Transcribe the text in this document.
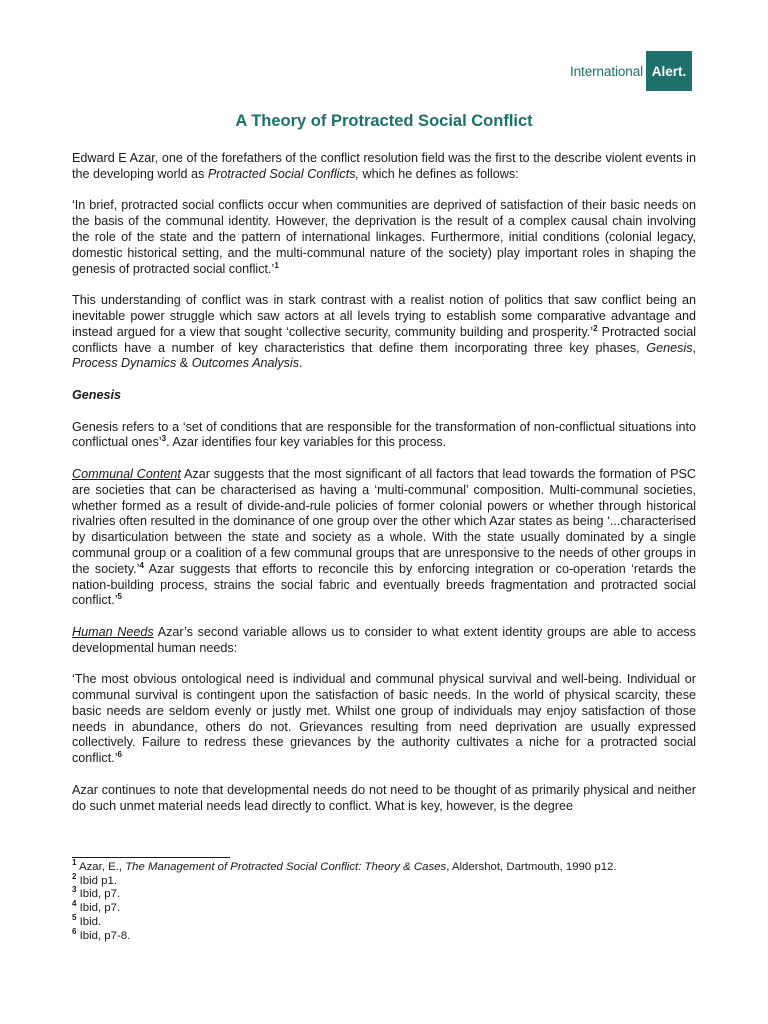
International Alert.
A Theory of Protracted Social Conflict

Edward E Azar, one of the forefathers of the conflict resolution field was the first to the describe violent events in the developing world as Protracted Social Conflicts, which he defines as follows:

‘In brief, protracted social conflicts occur when communities are deprived of satisfaction of their basic needs on the basis of the communal identity. However, the deprivation is the result of a complex causal chain involving the role of the state and the pattern of international linkages. Furthermore, initial conditions (colonial legacy, domestic historical setting, and the multi-communal nature of the society) play important roles in shaping the genesis of protracted social conflict.’$^1$

This understanding of conflict was in stark contrast with a realist notion of politics that saw conflict being an inevitable power struggle which saw actors at all levels trying to establish some comparative advantage and instead argued for a view that sought ‘collective security, community building and prosperity.’$^2$ Protracted social conflicts have a number of key characteristics that define them incorporating three key phases, Genesis, Process Dynamics & Outcomes Analysis.

Genesis

Genesis refers to a ‘set of conditions that are responsible for the transformation of non-conflictual situations into conflictual ones’$^3$. Azar identifies four key variables for this process.

Communal Content Azar suggests that the most significant of all factors that lead towards the formation of PSC are societies that can be characterised as having a ‘multi-communal’ composition. Multi-communal societies, whether formed as a result of divide-and-rule policies of former colonial powers or whether through historical rivalries often resulted in the dominance of one group over the other which Azar states as being ‘...characterised by disarticulation between the state and society as a whole. With the state usually dominated by a single communal group or a coalition of a few communal groups that are unresponsive to the needs of other groups in the society.’$^4$ Azar suggests that efforts to reconcile this by enforcing integration or co-operation ‘retards the nation-building process, strains the social fabric and eventually breeds fragmentation and protracted social conflict.’$^5$

Human Needs Azar’s second variable allows us to consider to what extent identity groups are able to access developmental human needs:

‘The most obvious ontological need is individual and communal physical survival and well-being. Individual or communal survival is contingent upon the satisfaction of basic needs. In the world of physical scarcity, these basic needs are seldom evenly or justly met. Whilst one group of individuals may enjoy satisfaction of those needs in abundance, others do not. Grievances resulting from need deprivation are usually expressed collectively. Failure to redress these grievances by the authority cultivates a niche for a protracted social conflict.’$^6$

Azar continues to note that developmental needs do not need to be thought of as primarily physical and neither do such unmet material needs lead directly to conflict. What is key, however, is the degree

$^1$ Azar, E., The Management of Protracted Social Conflict: Theory & Cases, Aldershot, Dartmouth, 1990 p12.

$^2$ Ibid p1.

$^3$ Ibid, p7.

$^4$ Ibid, p7.

$^5$ Ibid.

$^6$ Ibid, p7-8.
